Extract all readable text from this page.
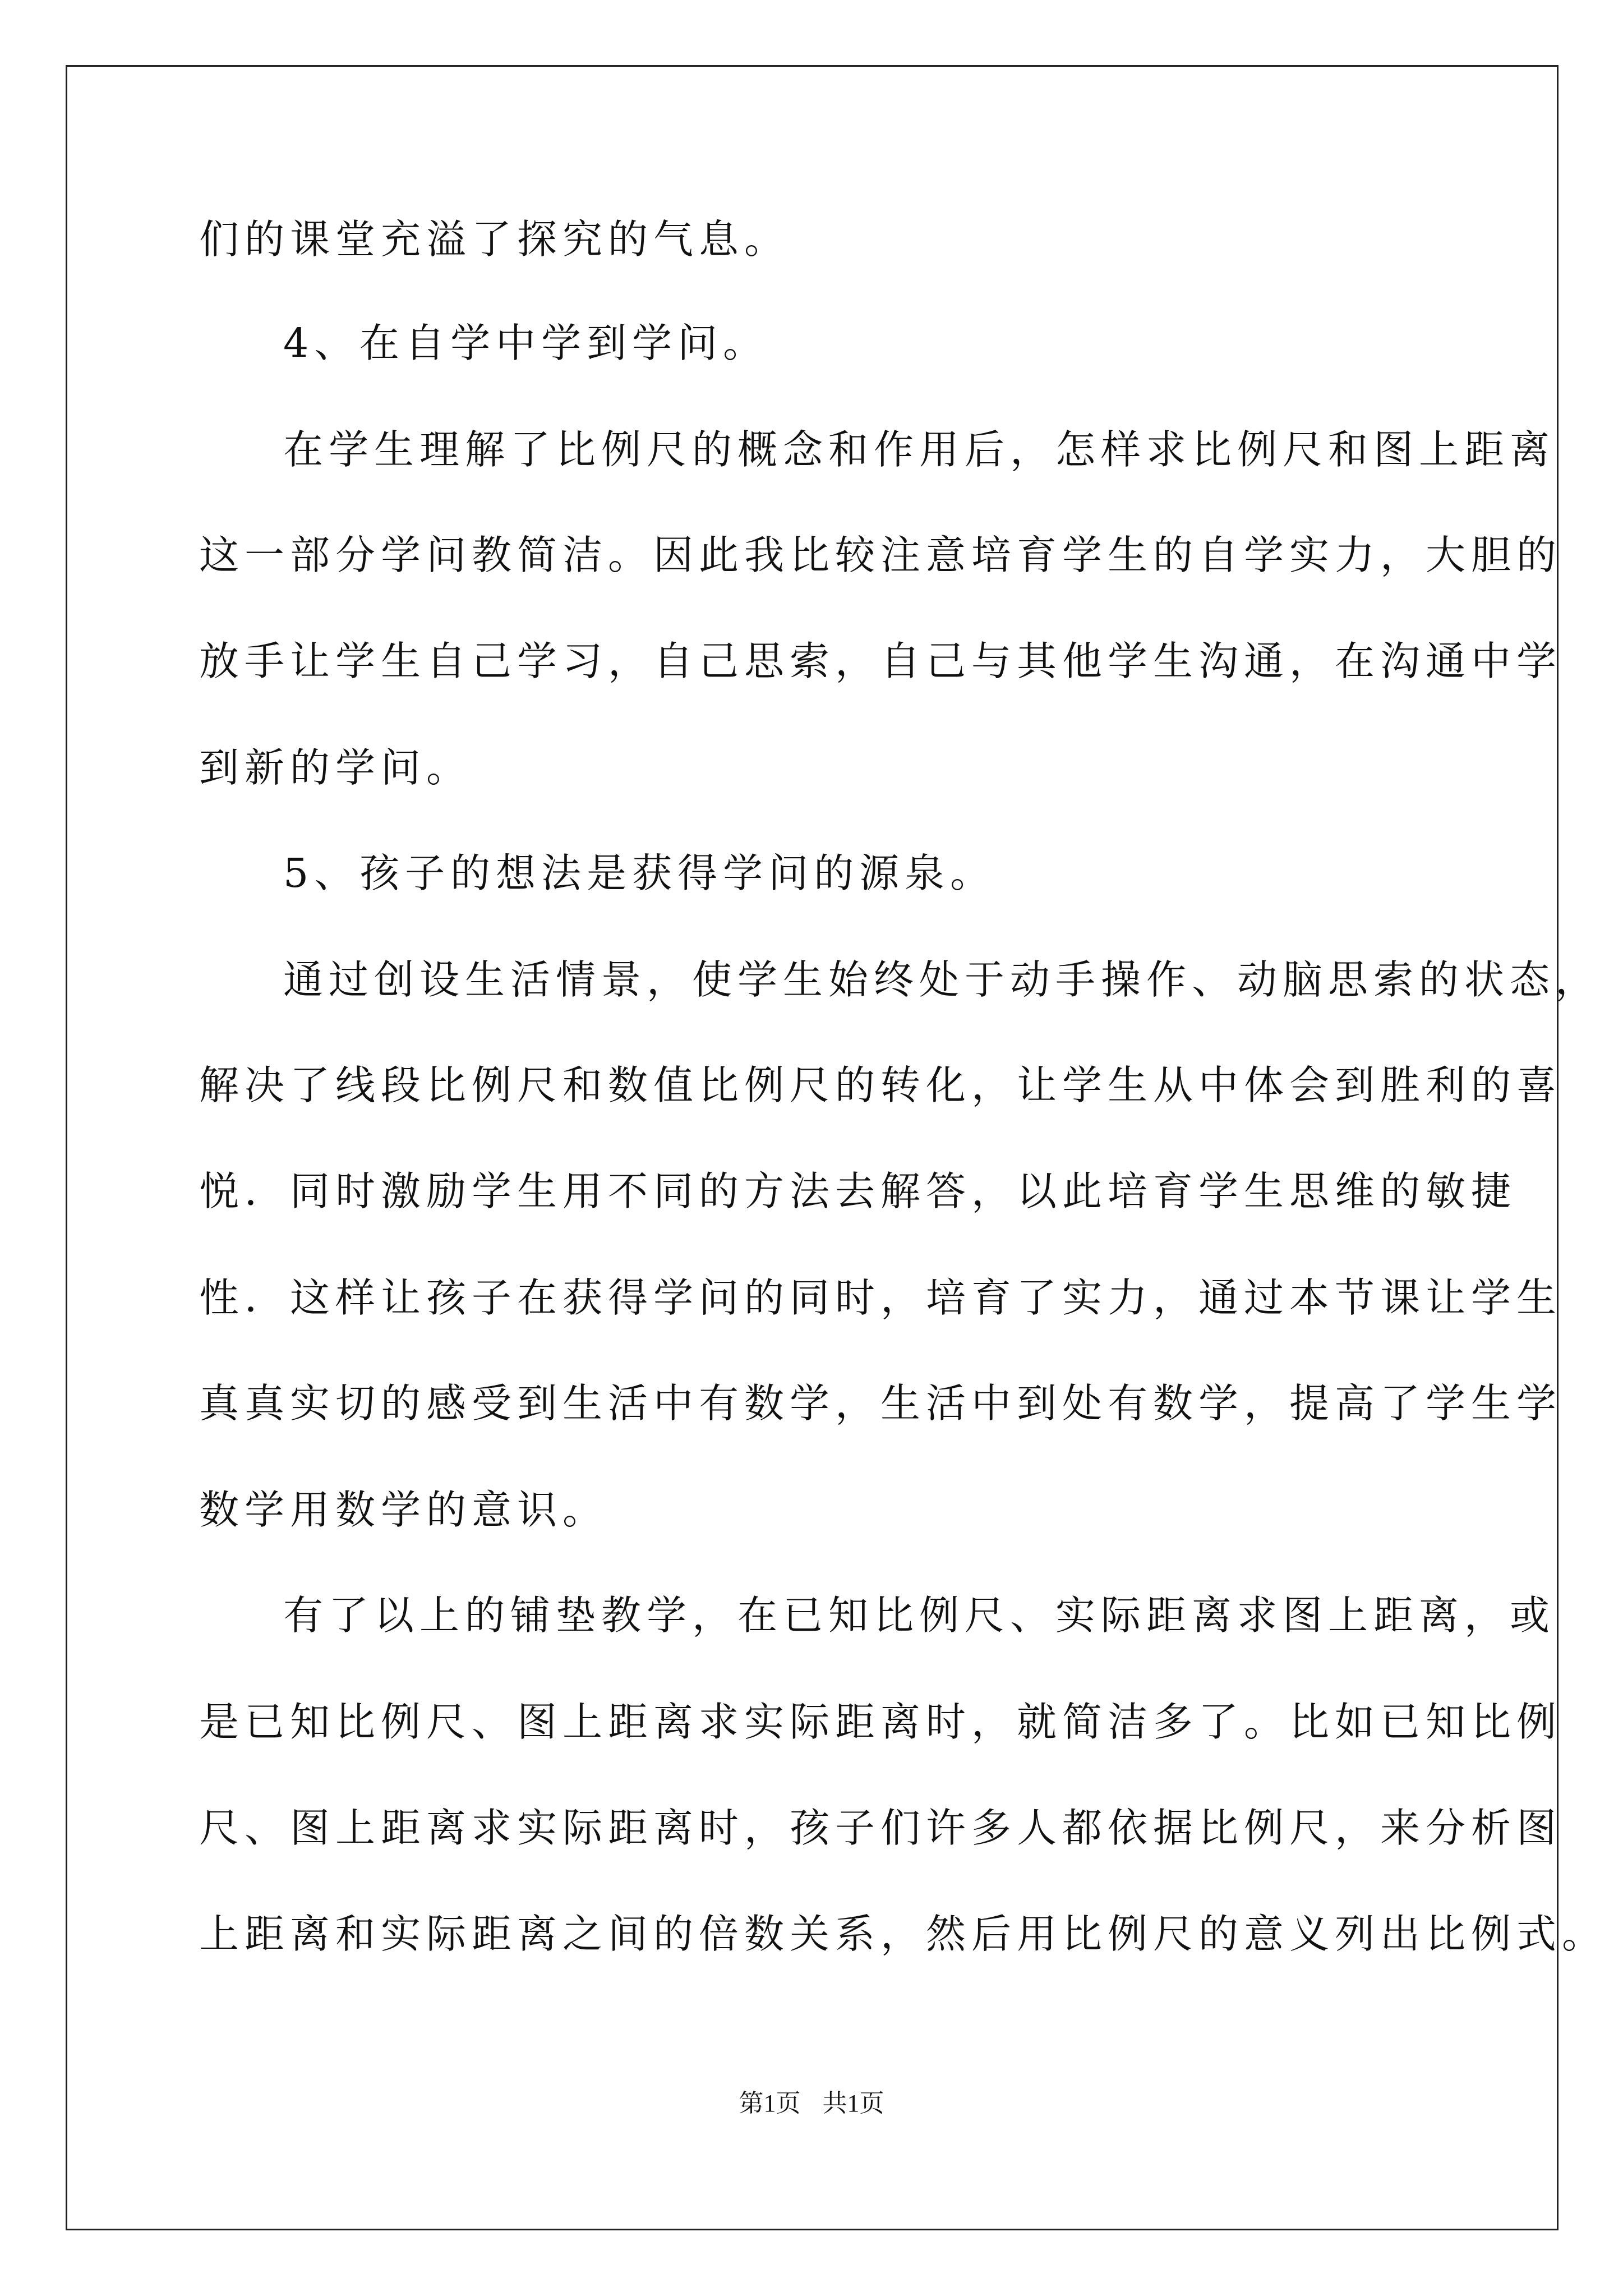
们的课堂充溢了探究的气息。
4、在自学中学到学问。
在学生理解了比例尺的概念和作用后，怎样求比例尺和图上距离
这一部分学问教简洁。因此我比较注意培育学生的自学实力，大胆的
放手让学生自己学习，自己思索，自己与其他学生沟通，在沟通中学
到新的学问。
5、孩子的想法是获得学问的源泉。
通过创设生活情景，使学生始终处于动手操作、动脑思索的状态，
解决了线段比例尺和数值比例尺的转化，让学生从中体会到胜利的喜
悦．同时激励学生用不同的方法去解答，以此培育学生思维的敏捷
性．这样让孩子在获得学问的同时，培育了实力，通过本节课让学生
真真实切的感受到生活中有数学，生活中到处有数学，提高了学生学
数学用数学的意识。
有了以上的铺垫教学，在已知比例尺、实际距离求图上距离，或
是已知比例尺、图上距离求实际距离时，就简洁多了。比如已知比例
尺、图上距离求实际距离时，孩子们许多人都依据比例尺，来分析图
上距离和实际距离之间的倍数关系，然后用比例尺的意义列出比例式。
第1页 共1页
